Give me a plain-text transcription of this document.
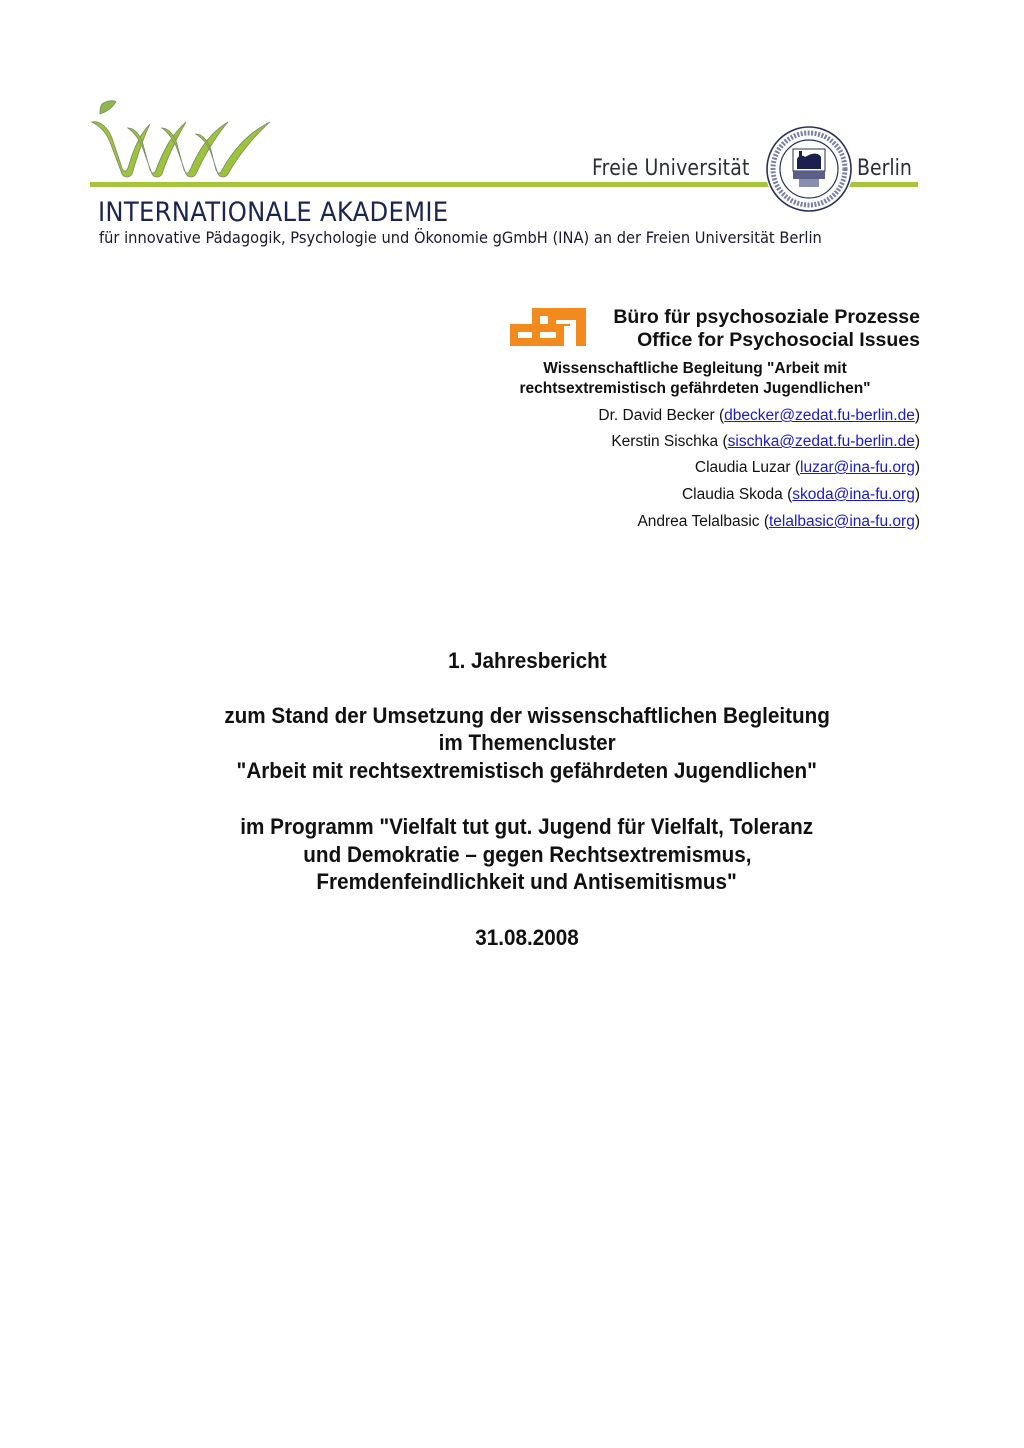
Freie Universität	Berlin
INTERNATIONALE AKADEMIE
für innovative Pädagogik, Psychologie und Ökonomie gGmbH (INA) an der Freien Universität Berlin
Büro für psychosoziale Prozesse
Office for Psychosocial Issues
Wissenschaftliche Begleitung "Arbeit mit
rechtsextremistisch gefährdeten Jugendlichen"
Dr. David Becker (dbecker@zedat.fu-berlin.de)
Kerstin Sischka (sischka@zedat.fu-berlin.de)
Claudia Luzar (luzar@ina-fu.org)
Claudia Skoda (skoda@ina-fu.org)
Andrea Telalbasic (telalbasic@ina-fu.org)
1. Jahresbericht
zum Stand der Umsetzung der wissenschaftlichen Begleitung
im Themencluster
"Arbeit mit rechtsextremistisch gefährdeten Jugendlichen"
im Programm "Vielfalt tut gut. Jugend für Vielfalt, Toleranz
und Demokratie – gegen Rechtsextremismus,
Fremdenfeindlichkeit und Antisemitismus"
31.08.2008
